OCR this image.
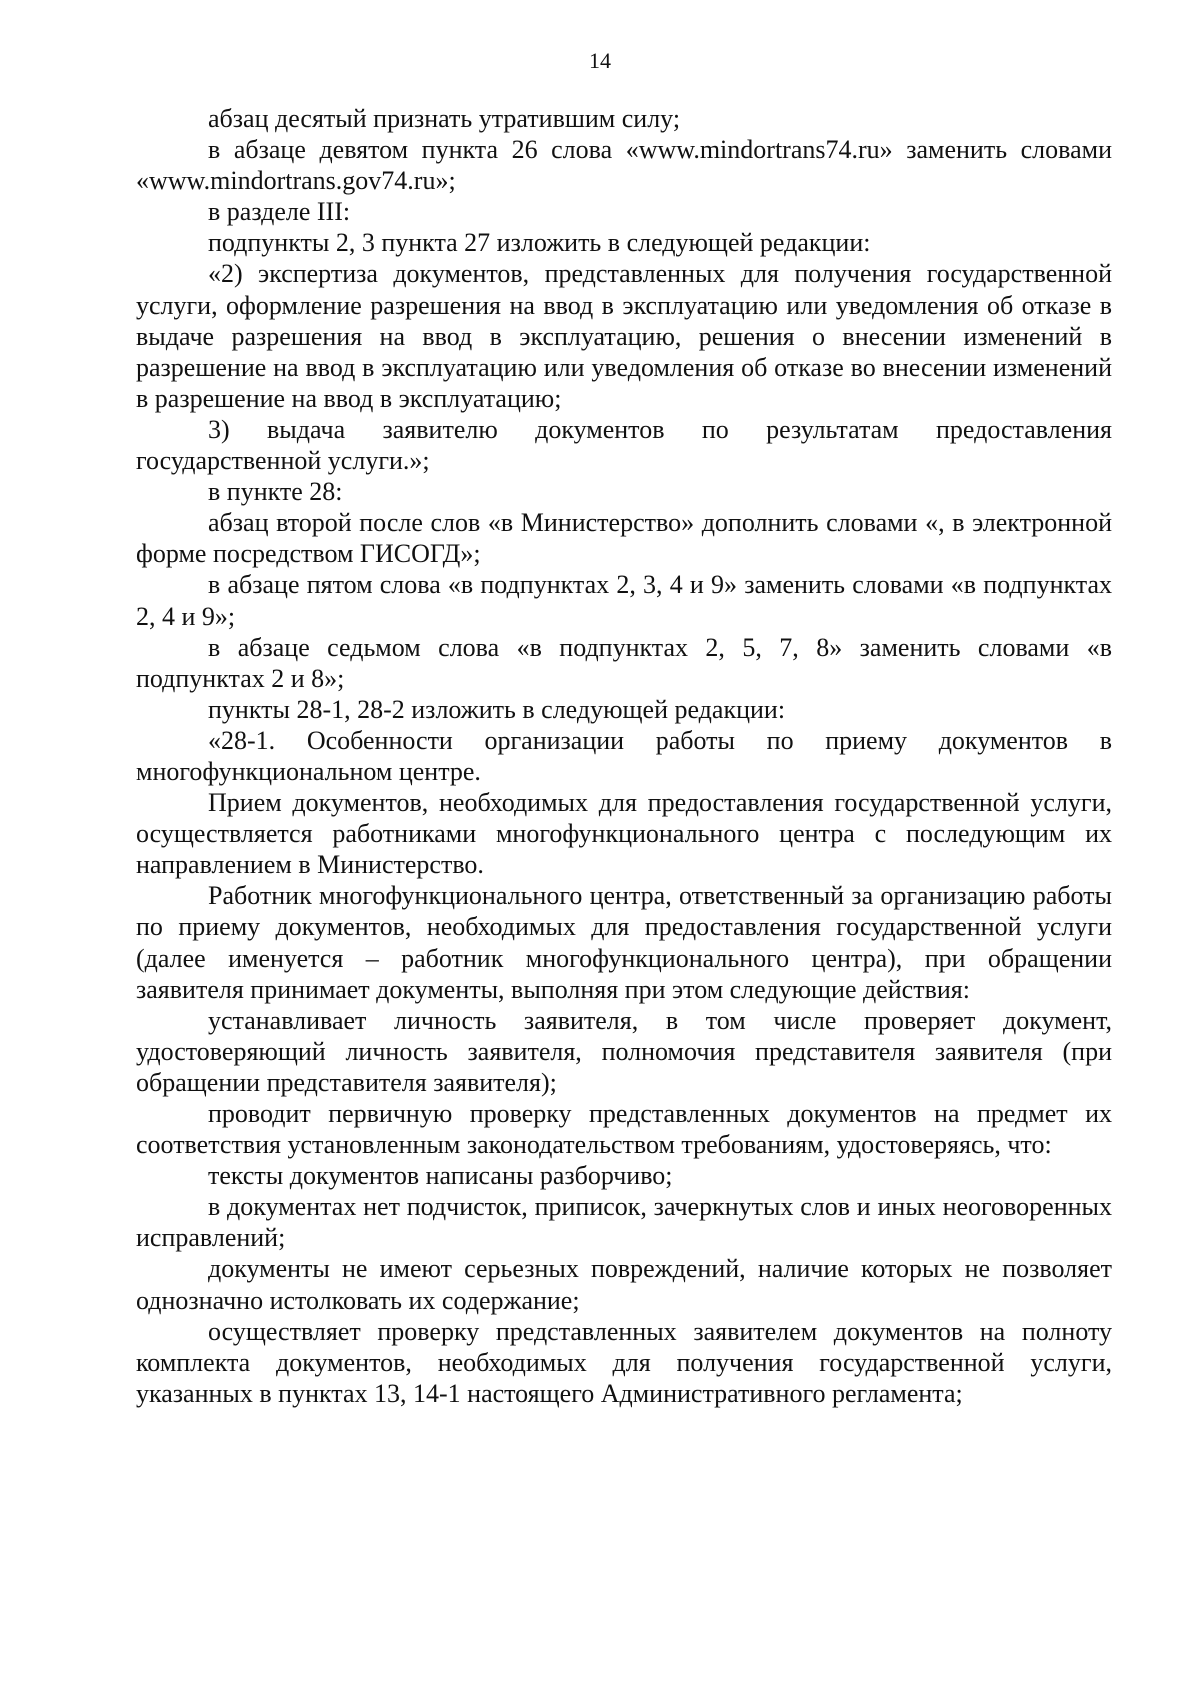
14

абзац десятый признать утратившим силу;

в абзаце девятом пункта 26 слова «www.mindortrans74.ru» заменить словами «www.mindortrans.gov74.ru»;

в разделе III:

подпункты 2, 3 пункта 27 изложить в следующей редакции:

«2) экспертиза документов, представленных для получения государственной услуги, оформление разрешения на ввод в эксплуатацию или уведомления об отказе в выдаче разрешения на ввод в эксплуатацию, решения о внесении изменений в разрешение на ввод в эксплуатацию или уведомления об отказе во внесении изменений в разрешение на ввод в эксплуатацию;

3) выдача заявителю документов по результатам предоставления государственной услуги.»;

в пункте 28:

абзац второй после слов «в Министерство» дополнить словами «, в электронной форме посредством ГИСОГД»;

в абзаце пятом слова «в подпунктах 2, 3, 4 и 9» заменить словами «в подпунктах 2, 4 и 9»;

в абзаце седьмом слова «в подпунктах 2, 5, 7, 8» заменить словами «в подпунктах 2 и 8»;

пункты 28-1, 28-2 изложить в следующей редакции:

«28-1. Особенности организации работы по приему документов в многофункциональном центре.

Прием документов, необходимых для предоставления государственной услуги, осуществляется работниками многофункционального центра с последующим их направлением в Министерство.

Работник многофункционального центра, ответственный за организацию работы по приему документов, необходимых для предоставления государственной услуги (далее именуется – работник многофункционального центра), при обращении заявителя принимает документы, выполняя при этом следующие действия:

устанавливает личность заявителя, в том числе проверяет документ, удостоверяющий личность заявителя, полномочия представителя заявителя (при обращении представителя заявителя);

проводит первичную проверку представленных документов на предмет их соответствия установленным законодательством требованиям, удостоверяясь, что:

тексты документов написаны разборчиво;

в документах нет подчисток, приписок, зачеркнутых слов и иных неоговоренных исправлений;

документы не имеют серьезных повреждений, наличие которых не позволяет однозначно истолковать их содержание;

осуществляет проверку представленных заявителем документов на полноту комплекта документов, необходимых для получения государственной услуги, указанных в пунктах 13, 14-1 настоящего Административного регламента;
